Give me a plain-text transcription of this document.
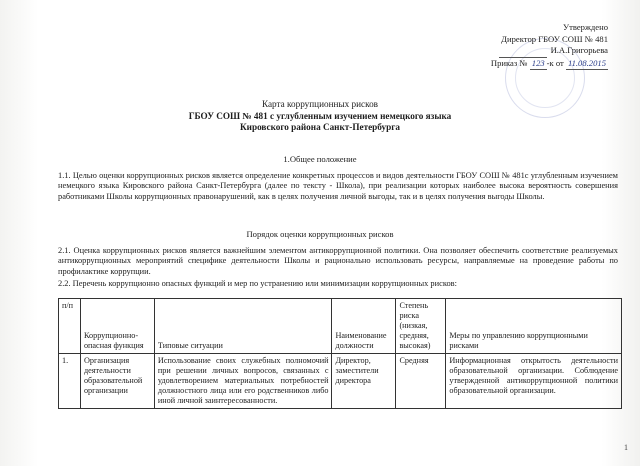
Утверждено
Директор ГБОУ СОШ № 481
И.А.Григорьева
Приказ № 123 -к от 11.08.2015
Карта коррупционных рисков
ГБОУ СОШ № 481 с углубленным изучением немецкого языка
Кировского района Санкт-Петербурга
1.Общее положение
1.1. Целью оценки коррупционных рисков является определение конкретных процессов и видов деятельности ГБОУ СОШ № 481с углубленным изучением немецкого языка Кировского района Санкт-Петербурга (далее по тексту - Школа), при реализации которых наиболее высока вероятность совершения работниками Школы коррупционных правонарушений, как в целях получения личной выгоды, так и в целях получения выгоды Школы.
Порядок оценки коррупционных рисков
2.1. Оценка коррупционных рисков является важнейшим элементом антикоррупционной политики. Она позволяет обеспечить соответствие реализуемых антикоррупционных мероприятий специфике деятельности Школы и рационально использовать ресурсы, направляемые на проведение работы по профилактике коррупции.
2.2. Перечень коррупционно опасных функций и мер по устранению или минимизации коррупционных рисков:
п/п	Коррупционно-опасная функция	Типовые ситуации	Наименование должности	Степень риска (низкая, средняя, высокая)	Меры по управлению коррупционными рисками
1.	Организация деятельности образовательной организации	Использование своих служебных полномочий при решении личных вопросов, связанных с удовлетворением материальных потребностей должностного лица или его родственников либо иной личной заинтересованности.	Директор, заместители директора	Средняя	Информационная открытость деятельности образовательной организации. Соблюдение утвержденной антикоррупционной политики образовательной организации.
1
